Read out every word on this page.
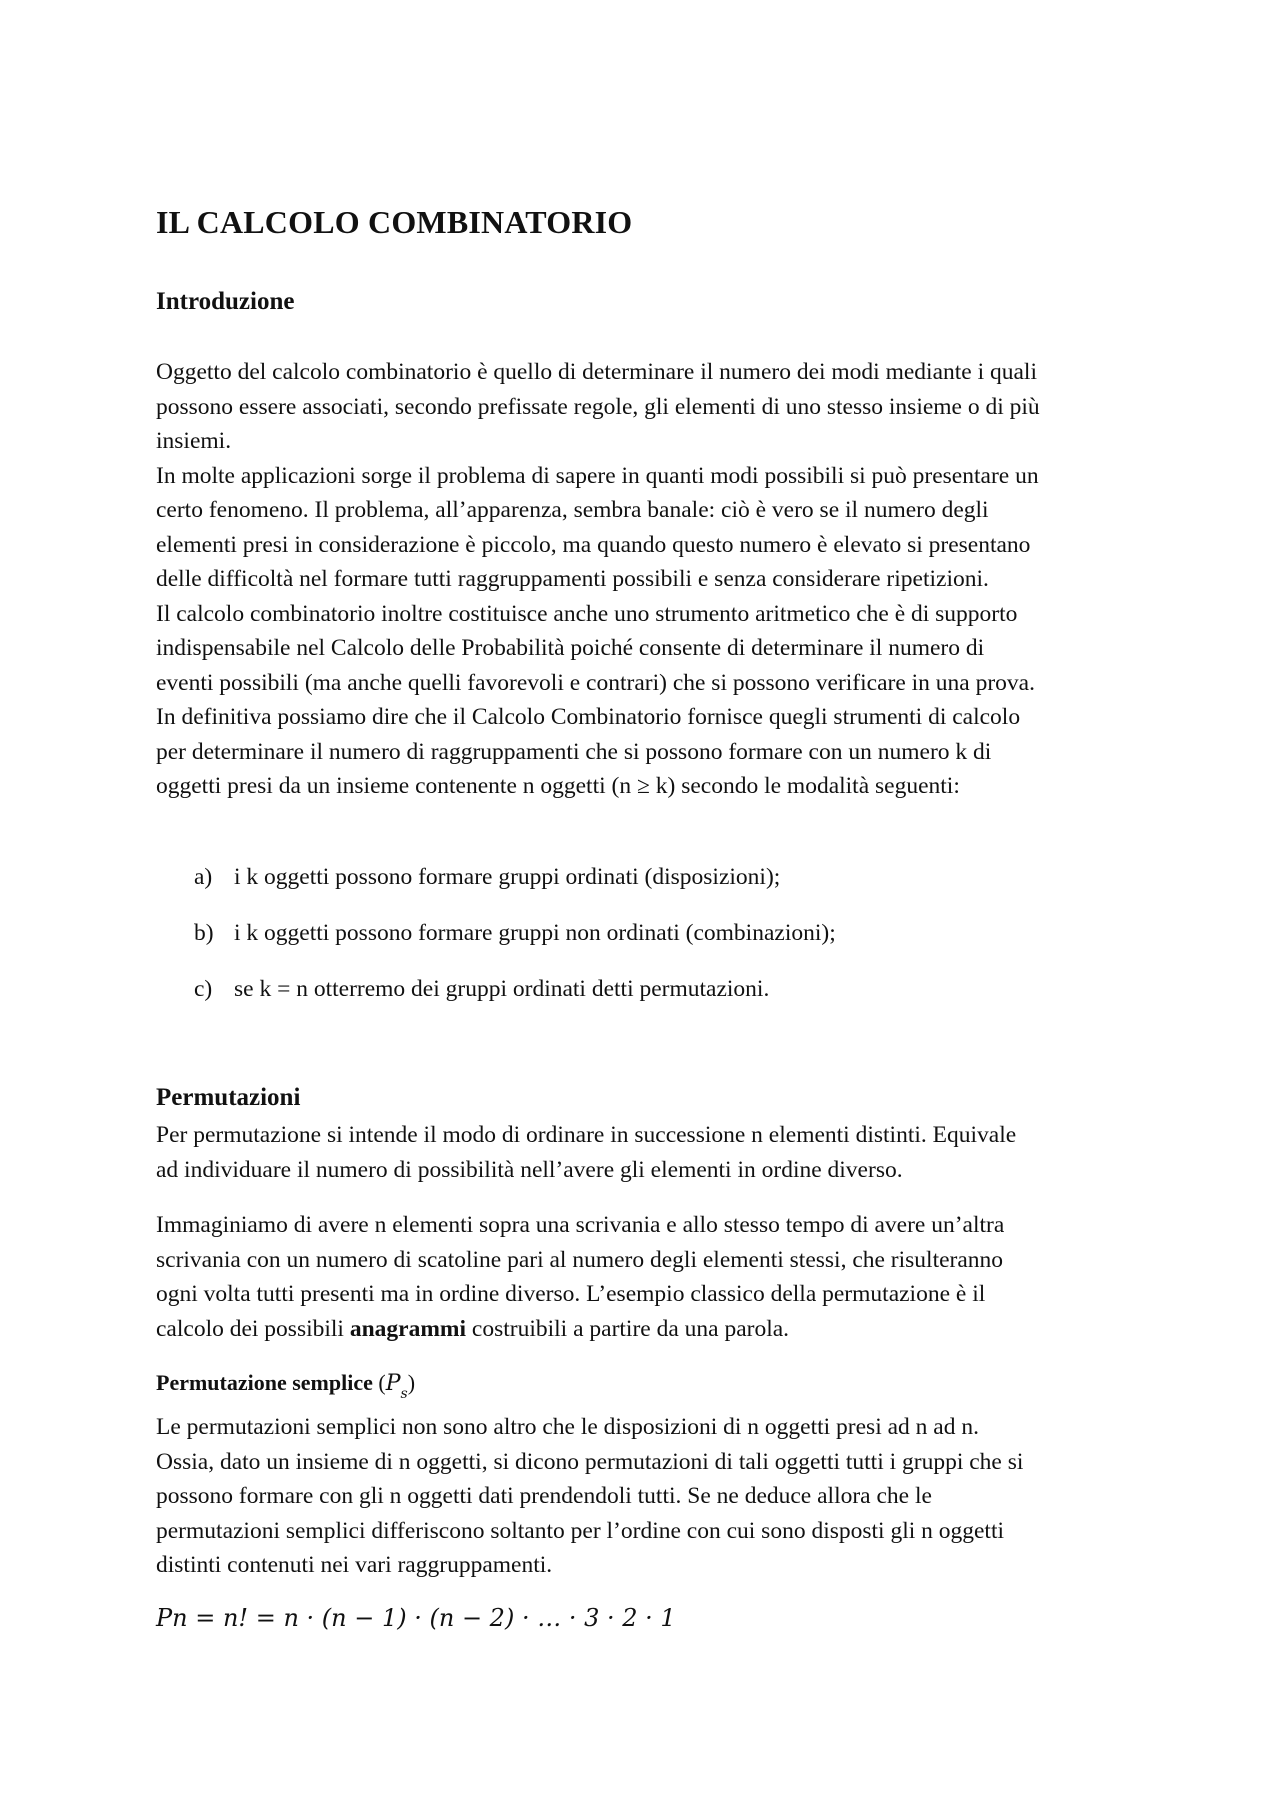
IL CALCOLO COMBINATORIO
Introduzione

Oggetto del calcolo combinatorio è quello di determinare il numero dei modi mediante i quali

possono essere associati, secondo prefissate regole, gli elementi di uno stesso insieme o di più

insiemi.

In molte applicazioni sorge il problema di sapere in quanti modi possibili si può presentare un

certo fenomeno. Il problema, all’apparenza, sembra banale: ciò è vero se il numero degli

elementi presi in considerazione è piccolo, ma quando questo numero è elevato si presentano

delle difficoltà nel formare tutti raggruppamenti possibili e senza considerare ripetizioni.

Il calcolo combinatorio inoltre costituisce anche uno strumento aritmetico che è di supporto

indispensabile nel Calcolo delle Probabilità poiché consente di determinare il numero di

eventi possibili (ma anche quelli favorevoli e contrari) che si possono verificare in una prova.

In definitiva possiamo dire che il Calcolo Combinatorio fornisce quegli strumenti di calcolo

per determinare il numero di raggruppamenti che si possono formare con un numero k di

oggetti presi da un insieme contenente n oggetti (n ≥ k) secondo le modalità seguenti:

a) i k oggetti possono formare gruppi ordinati (disposizioni);
b) i k oggetti possono formare gruppi non ordinati (combinazioni);
c) se k = n otterremo dei gruppi ordinati detti permutazioni.
Permutazioni

Per permutazione si intende il modo di ordinare in successione n elementi distinti. Equivale

ad individuare il numero di possibilità nell’avere gli elementi in ordine diverso.

Immaginiamo di avere n elementi sopra una scrivania e allo stesso tempo di avere un’altra

scrivania con un numero di scatoline pari al numero degli elementi stessi, che risulteranno

ogni volta tutti presenti ma in ordine diverso. L’esempio classico della permutazione è il

calcolo dei possibili anagrammi costruibili a partire da una parola.

Permutazione semplice $(P_s)$

Le permutazioni semplici non sono altro che le disposizioni di n oggetti presi ad n ad n.

Ossia, dato un insieme di n oggetti, si dicono permutazioni di tali oggetti tutti i gruppi che si

possono formare con gli n oggetti dati prendendoli tutti. Se ne deduce allora che le

permutazioni semplici differiscono soltanto per l’ordine con cui sono disposti gli n oggetti

distinti contenuti nei vari raggruppamenti.

Pn = n! = n · (n − 1) · (n − 2) · … · 3 · 2 · 1
